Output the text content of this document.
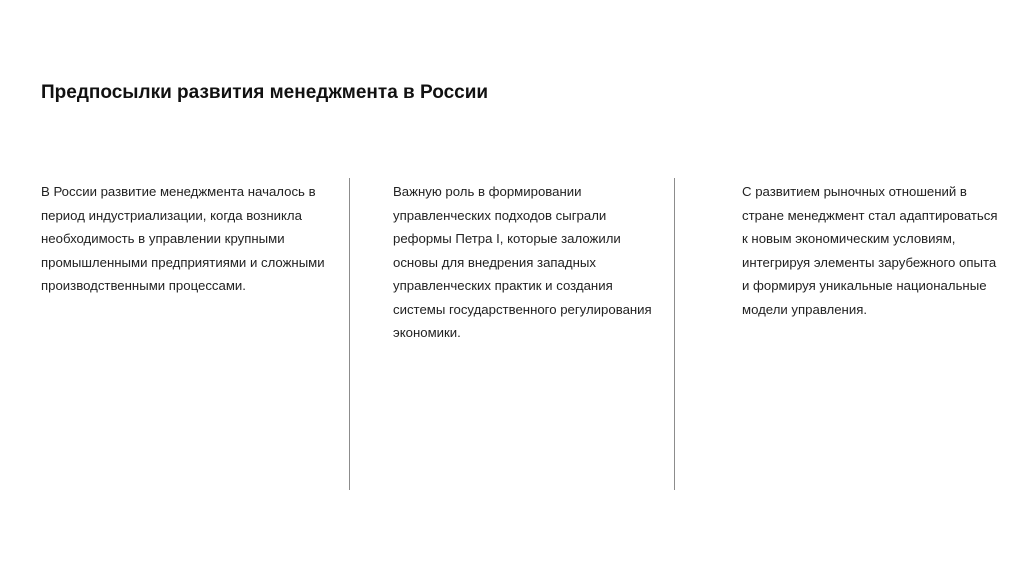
Предпосылки развития менеджмента в России
В России развитие менеджмента началось в период индустриализации, когда возникла необходимость в управлении крупными промышленными предприятиями и сложными производственными процессами.
Важную роль в формировании управленческих подходов сыграли реформы Петра I, которые заложили основы для внедрения западных управленческих практик и создания системы государственного регулирования экономики.
С развитием рыночных отношений в стране менеджмент стал адаптироваться к новым экономическим условиям, интегрируя элементы зарубежного опыта и формируя уникальные национальные модели управления.
